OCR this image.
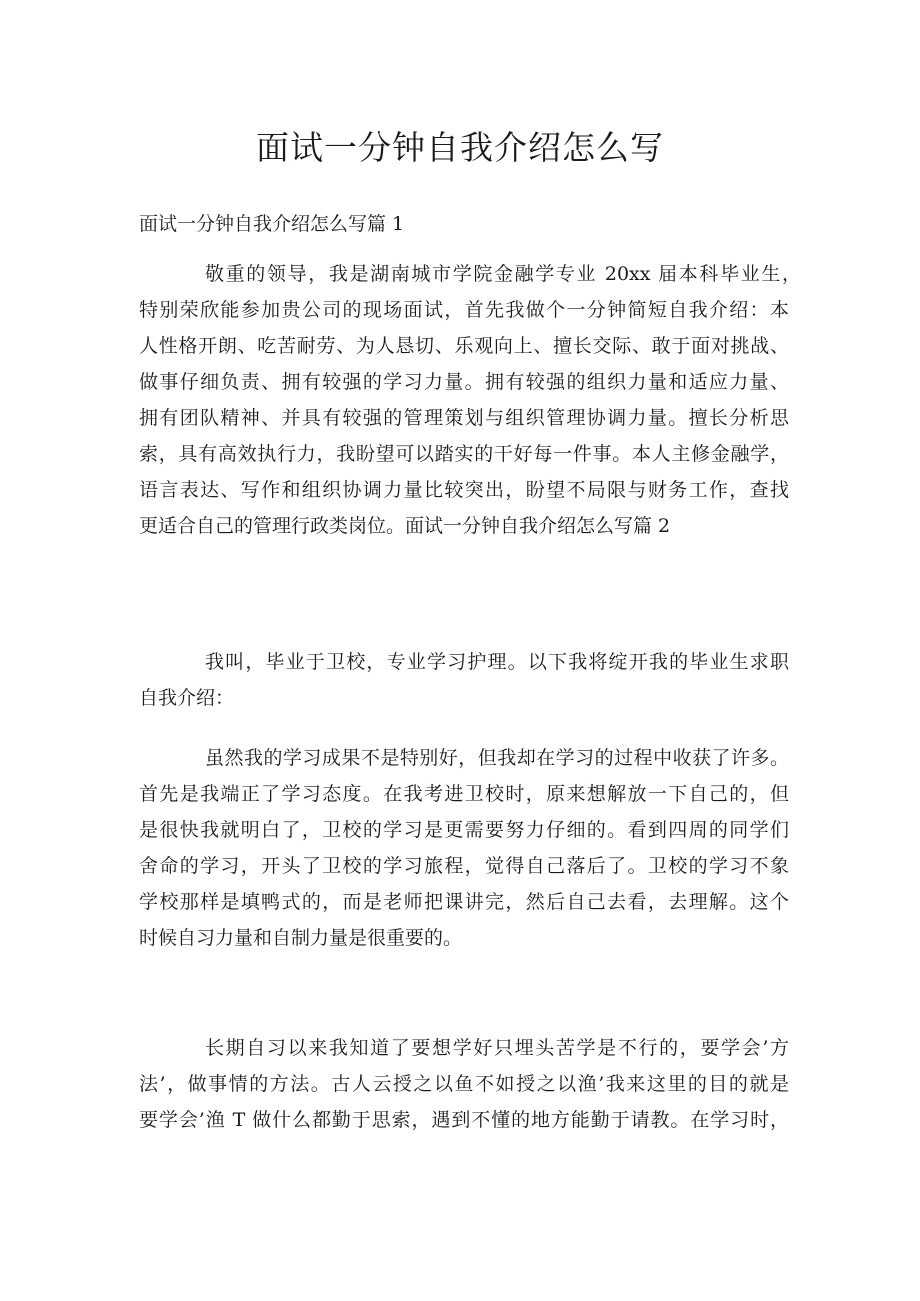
面试一分钟自我介绍怎么写

面试一分钟自我介绍怎么写篇 1

敬重的领导，我是湖南城市学院金融学专业 20xx 届本科毕业生，
特别荣欣能参加贵公司的现场面试，首先我做个一分钟简短自我介绍：本
人性格开朗、吃苦耐劳、为人恳切、乐观向上、擅长交际、敢于面对挑战、
做事仔细负责、拥有较强的学习力量。拥有较强的组织力量和适应力量、
拥有团队精神、并具有较强的管理策划与组织管理协调力量。擅长分析思
索，具有高效执行力，我盼望可以踏实的干好每一件事。本人主修金融学，
语言表达、写作和组织协调力量比较突出，盼望不局限与财务工作，查找
更适合自己的管理行政类岗位。面试一分钟自我介绍怎么写篇 2

我叫，毕业于卫校，专业学习护理。以下我将绽开我的毕业生求职
自我介绍：

虽然我的学习成果不是特别好，但我却在学习的过程中收获了许多。
首先是我端正了学习态度。在我考进卫校时，原来想解放一下自己的，但
是很快我就明白了，卫校的学习是更需要努力仔细的。看到四周的同学们
舍命的学习，开头了卫校的学习旅程，觉得自己落后了。卫校的学习不象
学校那样是填鸭式的，而是老师把课讲完，然后自己去看，去理解。这个
时候自习力量和自制力量是很重要的。

长期自习以来我知道了要想学好只埋头苦学是不行的，要学会’方
法’，做事情的方法。古人云授之以鱼不如授之以渔’我来这里的目的就是
要学会’渔 T 做什么都勤于思索，遇到不懂的地方能勤于请教。在学习时，
